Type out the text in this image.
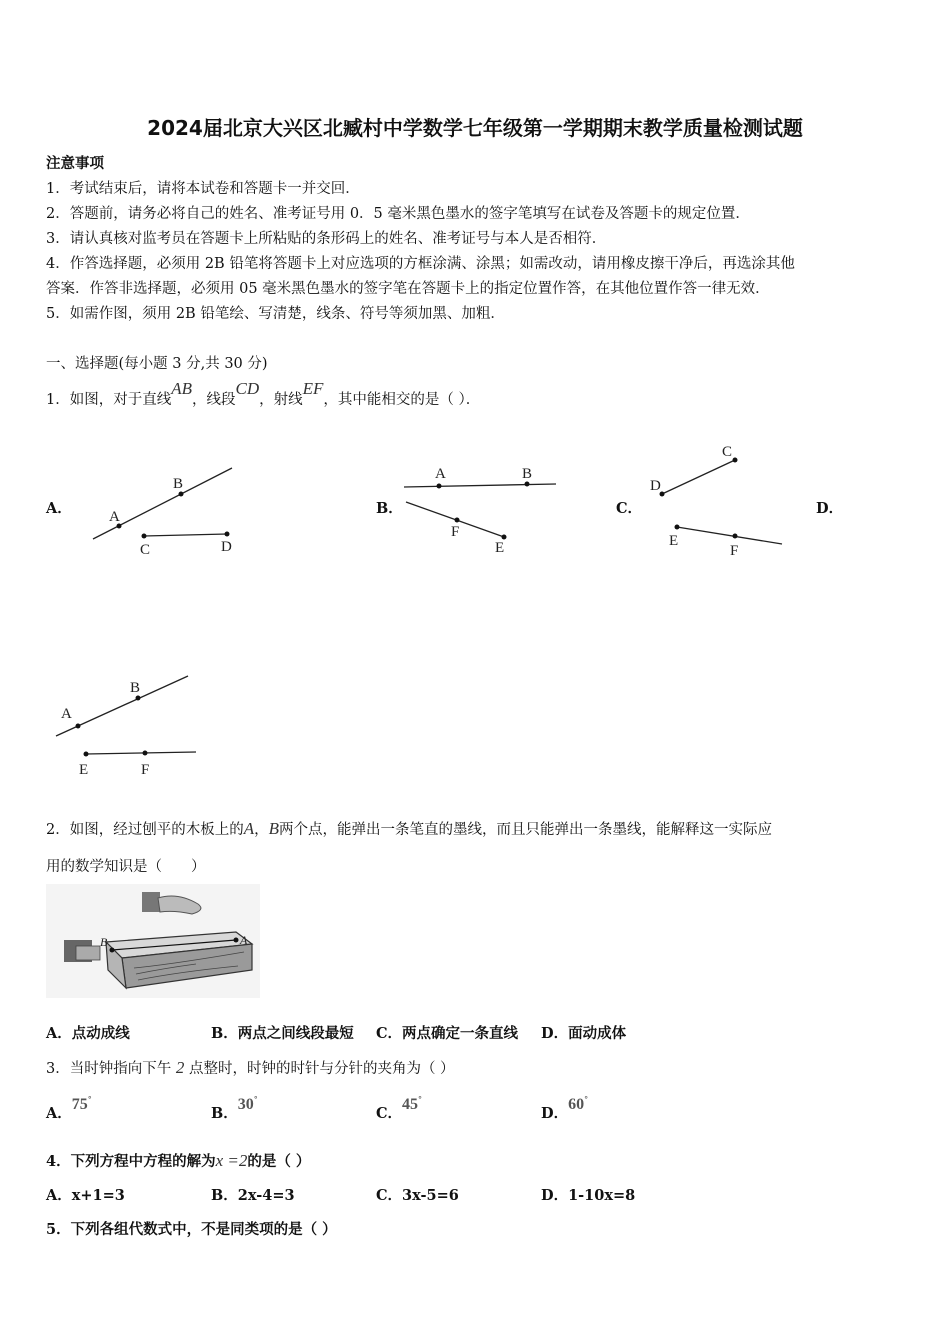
2024届北京大兴区北臧村中学数学七年级第一学期期末教学质量检测试题
注意事项
1．考试结束后，请将本试卷和答题卡一并交回．
2．答题前，请务必将自己的姓名、准考证号用 0．5 毫米黑色墨水的签字笔填写在试卷及答题卡的规定位置．
3．请认真核对监考员在答题卡上所粘贴的条形码上的姓名、准考证号与本人是否相符．
4．作答选择题，必须用 2B 铅笔将答题卡上对应选项的方框涂满、涂黑；如需改动，请用橡皮擦干净后，再选涂其他
答案．作答非选择题，必须用 05 毫米黑色墨水的签字笔在答题卡上的指定位置作答，在其他位置作答一律无效．
5．如需作图，须用 2B 铅笔绘、写清楚，线条、符号等须加黑、加粗．
一、选择题(每小题 3 分,共 30 分)
1．如图，对于直线AB，线段CD，射线EF，其中能相交的是（ ）．
A．	B．	C．	D．
A
B
C	D
A	B
F
E
C
D
E
F
A
B
E	F
2．如图，经过刨平的木板上的A，B两个点，能弹出一条笔直的墨线，而且只能弹出一条墨线，能解释这一实际应
用的数学知识是（　　）
B	A
A．点动成线	B．两点之间线段最短 C．两点确定一条直线 D．面动成体
3．当时钟指向下午 2 点整时，时钟的时针与分针的夹角为（ ）
A．75°
B．30°
C．45°
D．60°
4．下列方程中方程的解为x =2的是（ ）
A．x+1=3	B．2x-4=3	C．3x-5=6	D．1-10x=8
5．下列各组代数式中，不是同类项的是（ ）
